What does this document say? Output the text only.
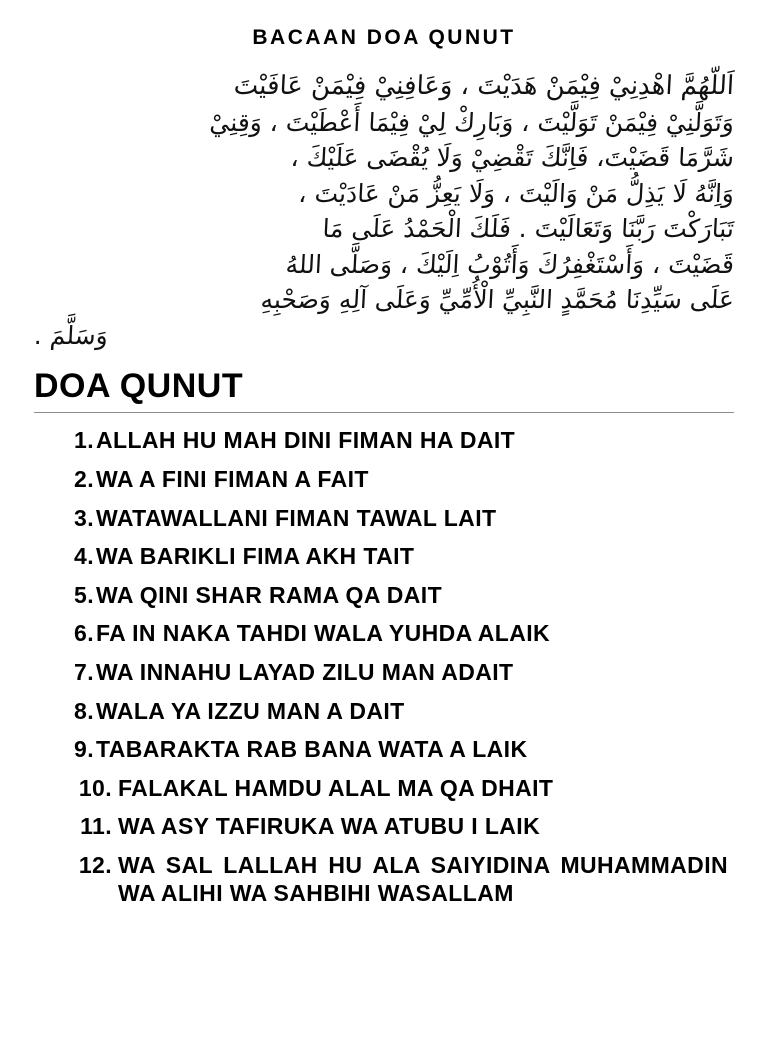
BACAAN DOA QUNUT
اَللّهُمَّ اهْدِنِيْ فِيْمَنْ هَدَيْتَ ، وَعَافِنِيْ فِيْمَنْ عَافَيْتَ
وَتَوَلَّنِيْ فِيْمَنْ تَوَلَّيْتَ ، وَبَارِكْ لِيْ فِيْمَا أَعْطَيْتَ ، وَقِنِيْ
شَرَّمَا قَضَيْتَ، فَاِنَّكَ تَقْضِيْ وَلَا يُقْضَى عَلَيْكَ ،
وَاِنَّهُ لَا يَذِلُّ مَنْ وَالَيْتَ ، وَلَا يَعِزُّ مَنْ عَادَيْتَ ،
تَبَارَكْتَ رَبَّنَا وَتَعَالَيْتَ . فَلَكَ الْحَمْدُ عَلَى مَا
قَضَيْتَ ، وَأَسْتَغْفِرُكَ وَأَتُوْبُ اِلَيْكَ ، وَصَلَّى اللهُ
عَلَى سَيِّدِنَا مُحَمَّدٍ النَّبِيِّ الْأُمِّيِّ وَعَلَى آلِهِ وَصَحْبِهِ
وَسَلَّمَ .
DOA QUNUT
1. ALLAH HU MAH DINI FIMAN HA DAIT
2. WA A FINI FIMAN A FAIT
3. WATAWALLANI FIMAN TAWAL LAIT
4. WA BARIKLI FIMA AKH TAIT
5. WA QINI SHAR RAMA QA DAIT
6. FA IN NAKA TAHDI WALA YUHDA ALAIK
7. WA INNAHU LAYAD ZILU MAN ADAIT
8. WALA YA IZZU MAN A DAIT
9. TABARAKTA RAB BANA WATA A LAIK
10. FALAKAL HAMDU ALAL MA QA DHAIT
11. WA ASY TAFIRUKA WA ATUBU I LAIK
12. WA SAL LALLAH HU ALA SAIYIDINA MUHAMMADIN WA ALIHI WA SAHBIHI WASALLAM
